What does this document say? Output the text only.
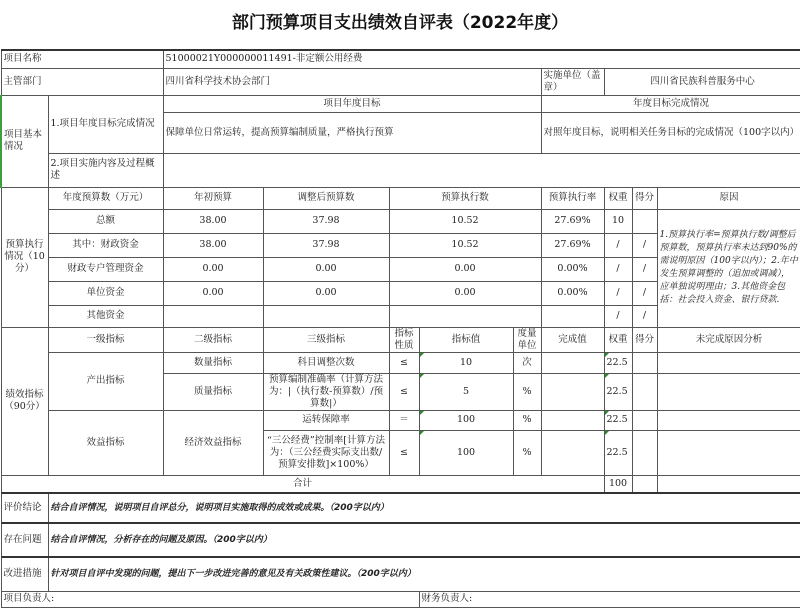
部门预算项目支出绩效自评表（2022年度）
项目名称		51000021Y000000011491-非定额公用经费								
主管部门		四川省科学技术协会部门					实施单位（盖章）	四川省民族科普服务中心		
项目基本情况	1.项目年度目标完成情况	项目年度目标					年度目标完成情况			
		保障单位日常运转，提高预算编制质量，严格执行预算					对照年度目标，说明相关任务目标的完成情况（100字以内）			
	2.项目实施内容及过程概述									
预算执行情况（10分）	年度预算数（万元）	年初预算	调整后预算数	预算执行数			预算执行率	权重	得分	原因
	总额	38.00	37.98	10.52			27.69%	10		1.预算执行率=预算执行数/调整后预算数，预算执行率未达到90%的需说明原因（100字以内）；2.年中发生预算调整的（追加或调减），应单独说明理由；3.其他资金包括：社会投入资金、银行贷款.
	其中：财政资金	38.00	37.98	10.52			27.69%	/	/	
	财政专户管理资金	0.00	0.00	0.00			0.00%	/	/	
	单位资金	0.00	0.00	0.00			0.00%	/	/	
	其他资金							/	/	
绩效指标（90分）	一级指标	二级指标	三级指标	指标性质	指标值	度量单位	完成值	权重	得分	未完成原因分析
	产出指标	数量指标	科目调整次数	≤	10	次		22.5		
		质量指标	预算编制准确率（计算方法为：|（执行数-预算数）/预算数|）	≤	5	%		22.5		
	效益指标	经济效益指标	运转保障率	＝	100	%		22.5		
			“三公经费”控制率[计算方法为：（三公经费实际支出数/预算安排数]×100%）	≤	100	%		22.5		
合计								100		
评价结论	结合自评情况，说明项目自评总分，说明项目实施取得的成效或成果。（200字以内）									
存在问题	结合自评情况，分析存在的问题及原因。（200字以内）									
改进措施	针对项目自评中发现的问题，提出下一步改进完善的意见及有关政策性建议。（200字以内）									
项目负责人:					财务负责人:					
